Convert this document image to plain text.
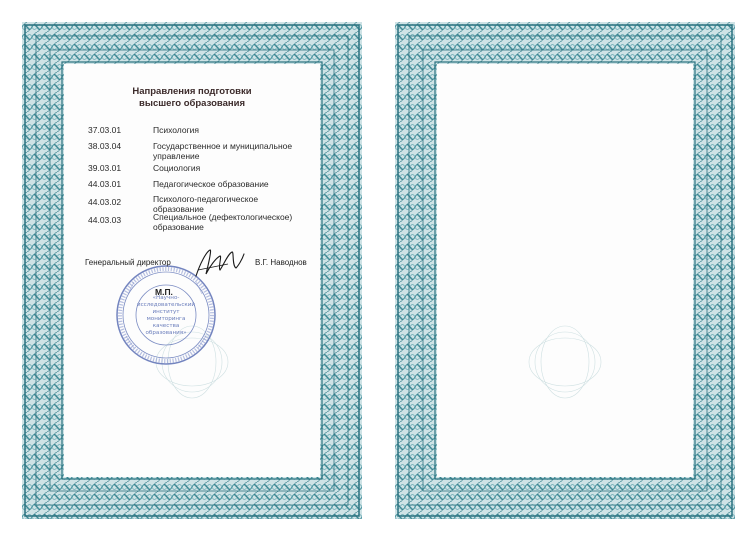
Направления подготовки
высшего образования
37.03.01	Психология
38.03.04	Государственное и муниципальное
управление
39.03.01	Социология
44.03.01	Педагогическое образование
44.03.02	Психолого-педагогическое
образование
44.03.03	Специальное (дефектологическое)
образование
«Научно-
исследовательский
институт
мониторинга
качества
образования»
Генеральный директор
М.П.
В.Г. Наводнов
